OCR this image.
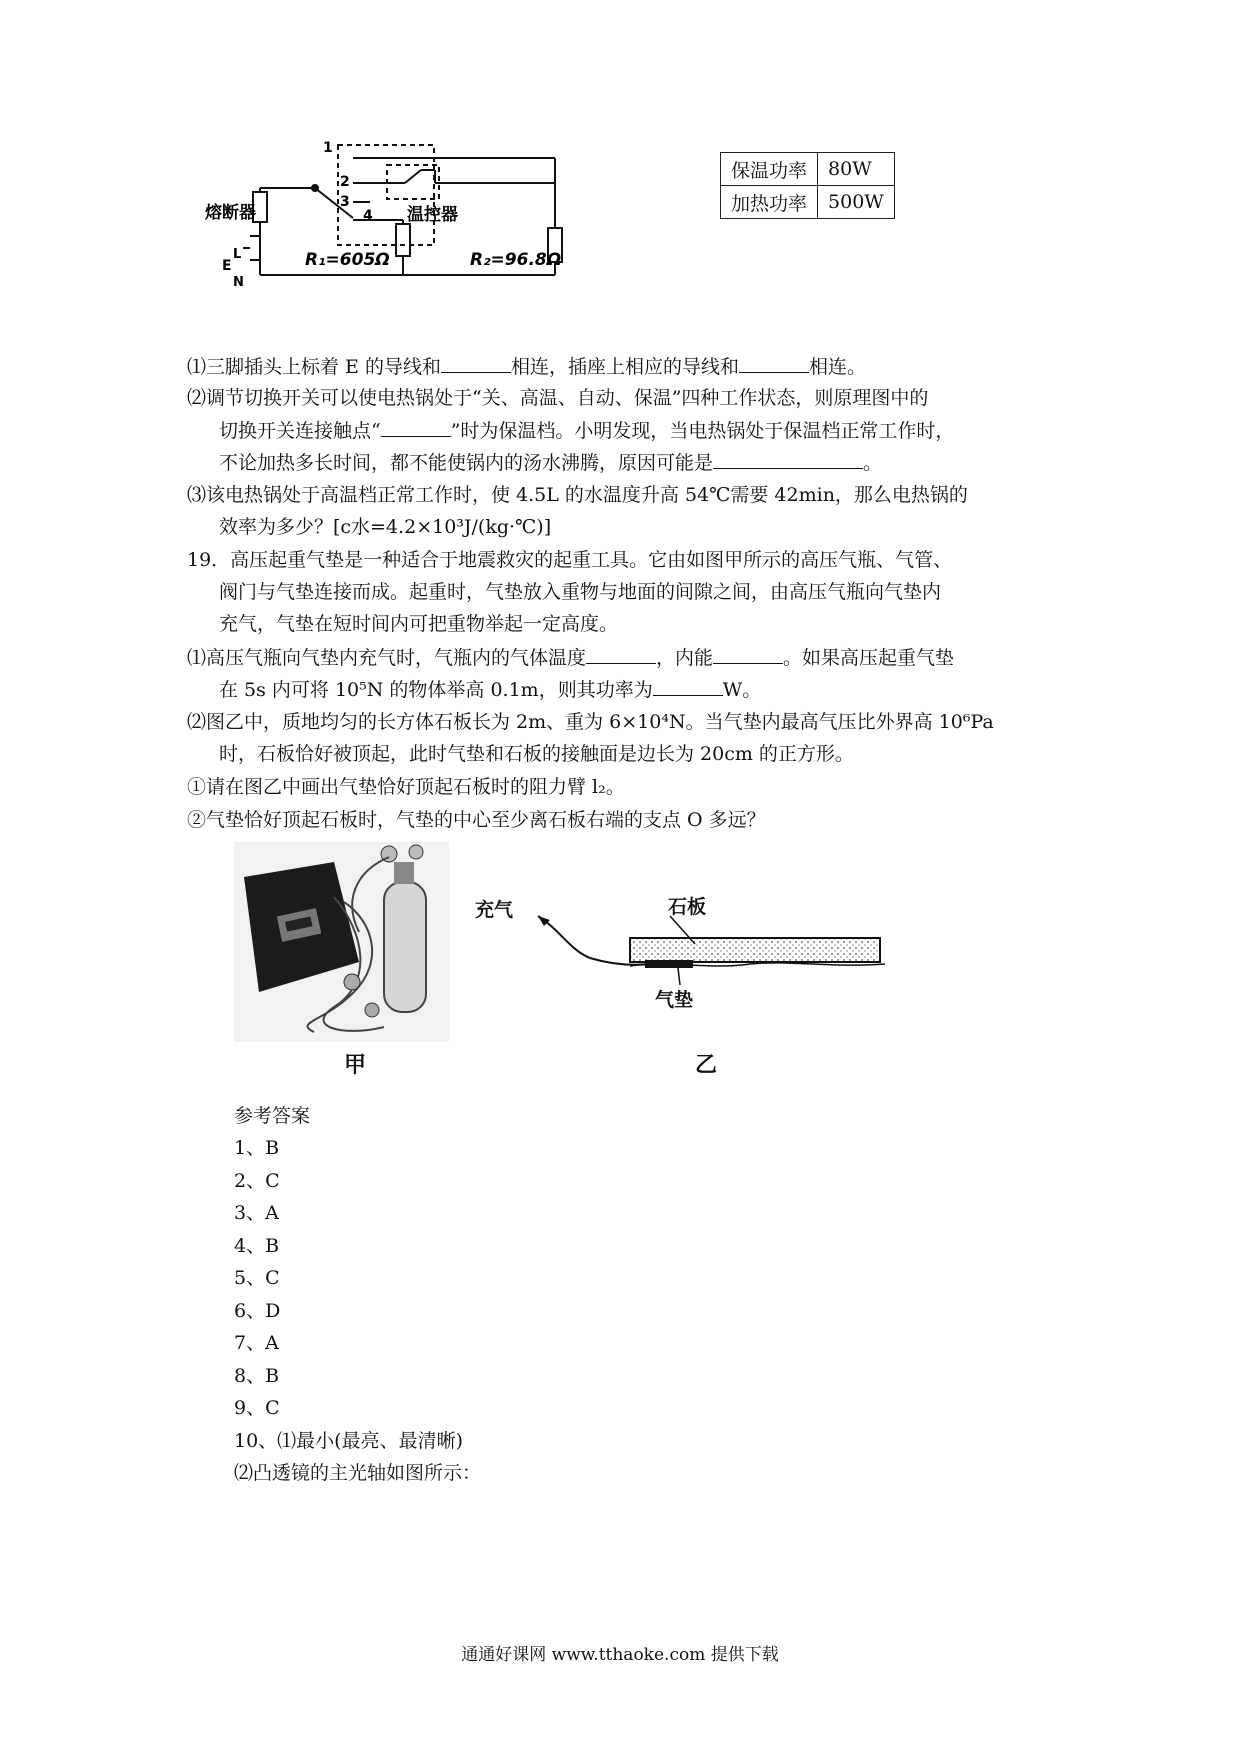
1
2
3
4
熔断器	温控器
E
L
N
R₁=605Ω	R₂=96.8Ω
保温功率	80W
加热功率	500W
⑴三脚插头上标着 E 的导线和	相连，插座上相应的导线和	相连。
⑵调节切换开关可以使电热锅处于“关、高温、自动、保温”四种工作状态，则原理图中的
切换开关连接触点“	”时为保温档。小明发现，当电热锅处于保温档正常工作时，
不论加热多长时间，都不能使锅内的汤水沸腾，原因可能是	。
⑶该电热锅处于高温档正常工作时，使 4.5L 的水温度升高 54℃需要 42min，那么电热锅的
效率为多少？[c水=4.2×10³J/(kg·℃)]
19．高压起重气垫是一种适合于地震救灾的起重工具。它由如图甲所示的高压气瓶、气管、
阀门与气垫连接而成。起重时，气垫放入重物与地面的间隙之间，由高压气瓶向气垫内
充气，气垫在短时间内可把重物举起一定高度。
⑴高压气瓶向气垫内充气时，气瓶内的气体温度	，内能	。如果高压起重气垫
在 5s 内可将 10⁵N 的物体举高 0.1m，则其功率为	W。
⑵图乙中，质地均匀的长方体石板长为 2m、重为 6×10⁴N。当气垫内最高气压比外界高 10⁶Pa
时，石板恰好被顶起，此时气垫和石板的接触面是边长为 20cm 的正方形。
①请在图乙中画出气垫恰好顶起石板时的阻力臂 l₂。
②气垫恰好顶起石板时，气垫的中心至少离石板右端的支点 O 多远？
甲
充气	石板
气垫
乙
参考答案
1、B
2、C
3、A
4、B
5、C
6、D
7、A
8、B
9、C
10、⑴最小(最亮、最清晰)
⑵凸透镜的主光轴如图所示：
通通好课网 www.tthaoke.com 提供下载
